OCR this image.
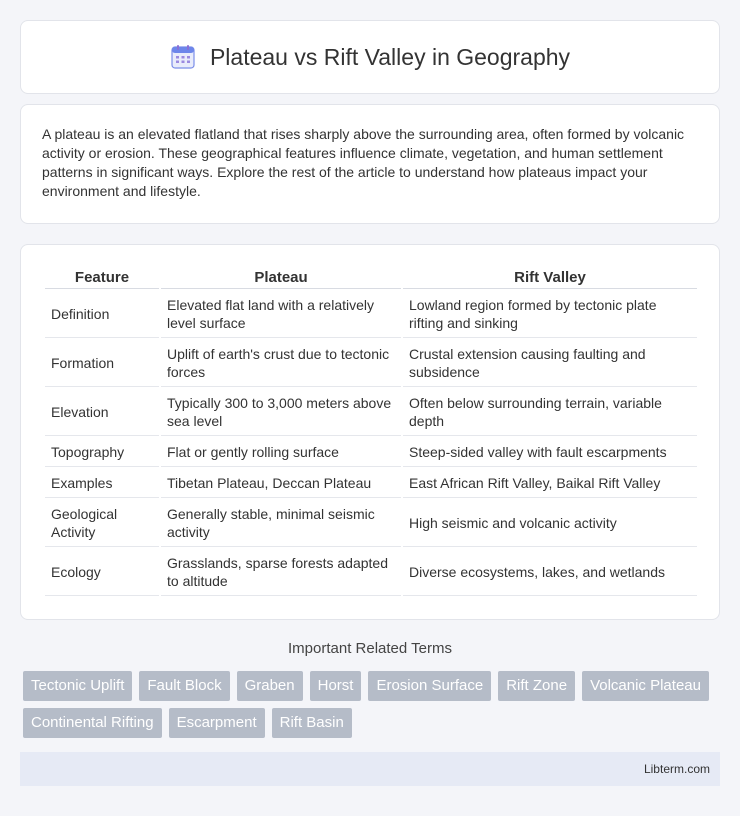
Plateau vs Rift Valley in Geography

A plateau is an elevated flatland that rises sharply above the surrounding area, often formed by volcanic activity or erosion. These geographical features influence climate, vegetation, and human settlement patterns in significant ways. Explore the rest of the article to understand how plateaus impact your environment and lifestyle.

Feature	Plateau	Rift Valley
Definition	Elevated flat land with a relatively level surface	Lowland region formed by tectonic plate rifting and sinking
Formation	Uplift of earth's crust due to tectonic forces	Crustal extension causing faulting and subsidence
Elevation	Typically 300 to 3,000 meters above sea level	Often below surrounding terrain, variable depth
Topography	Flat or gently rolling surface	Steep-sided valley with fault escarpments
Examples	Tibetan Plateau, Deccan Plateau	East African Rift Valley, Baikal Rift Valley
Geological Activity	Generally stable, minimal seismic activity	High seismic and volcanic activity
Ecology	Grasslands, sparse forests adapted to altitude	Diverse ecosystems, lakes, and wetlands
Important Related Terms
Tectonic Uplift	Fault Block	Graben	Horst	Erosion Surface	Rift Zone	Volcanic Plateau
Continental Rifting	Escarpment	Rift Basin
Libterm.com
